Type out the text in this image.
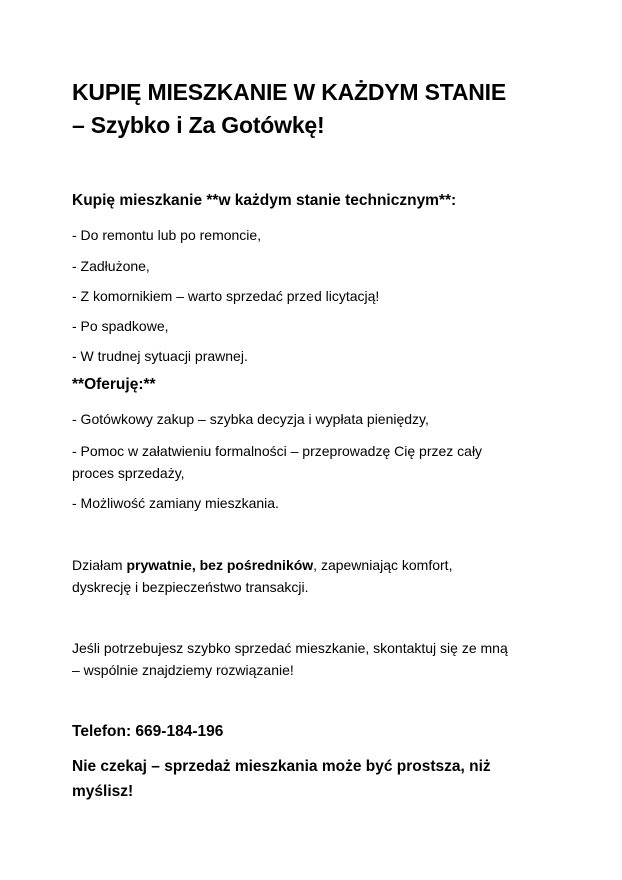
KUPIĘ MIESZKANIE W KAŻDYM STANIE
– Szybko i Za Gotówkę!

Kupię mieszkanie **w każdym stanie technicznym**:

- Do remontu lub po remoncie,

- Zadłużone,

- Z komornikiem – warto sprzedać przed licytacją!

- Po spadkowe,

- W trudnej sytuacji prawnej.

**Oferuję:**

- Gotówkowy zakup – szybka decyzja i wypłata pieniędzy,

- Pomoc w załatwieniu formalności – przeprowadzę Cię przez cały

proces sprzedaży,

- Możliwość zamiany mieszkania.

Działam prywatnie, bez pośredników, zapewniając komfort,

dyskrecję i bezpieczeństwo transakcji.

Jeśli potrzebujesz szybko sprzedać mieszkanie, skontaktuj się ze mną

– wspólnie znajdziemy rozwiązanie!

Telefon: 669-184-196

Nie czekaj – sprzedaż mieszkania może być prostsza, niż

myślisz!
